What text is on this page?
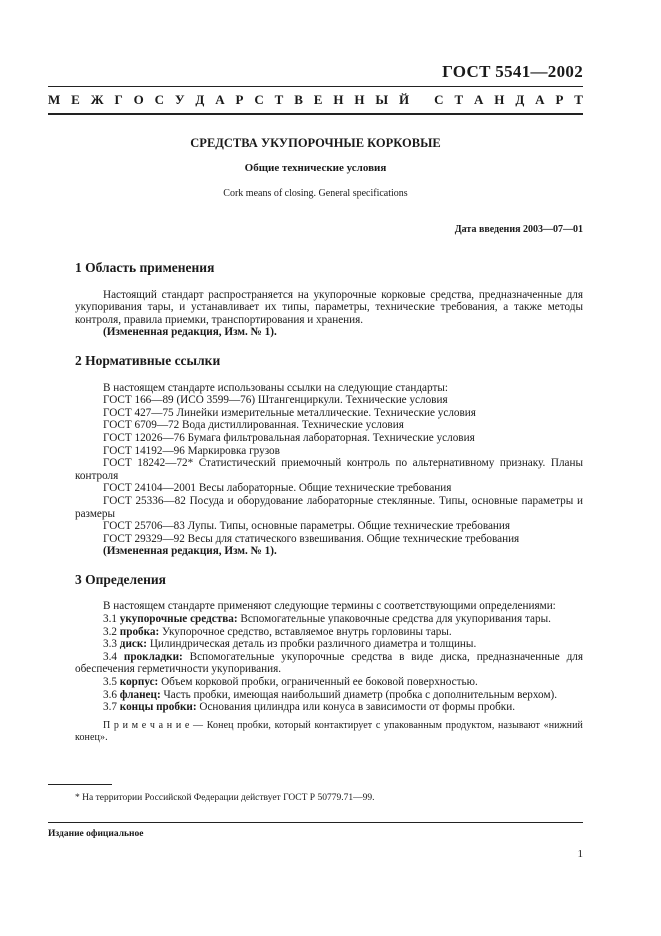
ГОСТ 5541—2002
М Е Ж Г О С У Д А Р С Т В Е Н Н Ы Й
С Т А Н Д А Р Т
СРЕДСТВА УКУПОРОЧНЫЕ КОРКОВЫЕ
Общие технические условия
Cork means of closing. General specifications
Дата введения 2003—07—01
1 Область применения

Настоящий стандарт распространяется на укупорочные корковые средства, предназначенные для укупоривания тары, и устанавливает их типы, параметры, технические требования, а также методы контроля, правила приемки, транспортирования и хранения.

(Измененная редакция, Изм. № 1).

2 Нормативные ссылки

В настоящем стандарте использованы ссылки на следующие стандарты:

ГОСТ 166—89 (ИСО 3599—76) Штангенциркули. Технические условия

ГОСТ 427—75 Линейки измерительные металлические. Технические условия

ГОСТ 6709—72 Вода дистиллированная. Технические условия

ГОСТ 12026—76 Бумага фильтровальная лабораторная. Технические условия

ГОСТ 14192—96 Маркировка грузов

ГОСТ 18242—72* Статистический приемочный контроль по альтернативному признаку. Планы контроля

ГОСТ 24104—2001 Весы лабораторные. Общие технические требования

ГОСТ 25336—82 Посуда и оборудование лабораторные стеклянные. Типы, основные параметры и размеры

ГОСТ 25706—83 Лупы. Типы, основные параметры. Общие технические требования

ГОСТ 29329—92 Весы для статического взвешивания. Общие технические требования

(Измененная редакция, Изм. № 1).

3 Определения

В настоящем стандарте применяют следующие термины с соответствующими определениями:

3.1 укупорочные средства: Вспомогательные упаковочные средства для укупоривания тары.

3.2 пробка: Укупорочное средство, вставляемое внутрь горловины тары.

3.3 диск: Цилиндрическая деталь из пробки различного диаметра и толщины.

3.4 прокладки: Вспомогательные укупорочные средства в виде диска, предназначенные для обеспечения герметичности укупоривания.

3.5 корпус: Объем корковой пробки, ограниченный ее боковой поверхностью.

3.6 фланец: Часть пробки, имеющая наибольший диаметр (пробка с дополнительным верхом).

3.7 концы пробки: Основания цилиндра или конуса в зависимости от формы пробки.

П р и м е ч а н и е — Конец пробки, который контактирует с упакованным продуктом, называют «нижний конец».

* На территории Российской Федерации действует ГОСТ Р 50779.71—99.
Издание официальное
1
